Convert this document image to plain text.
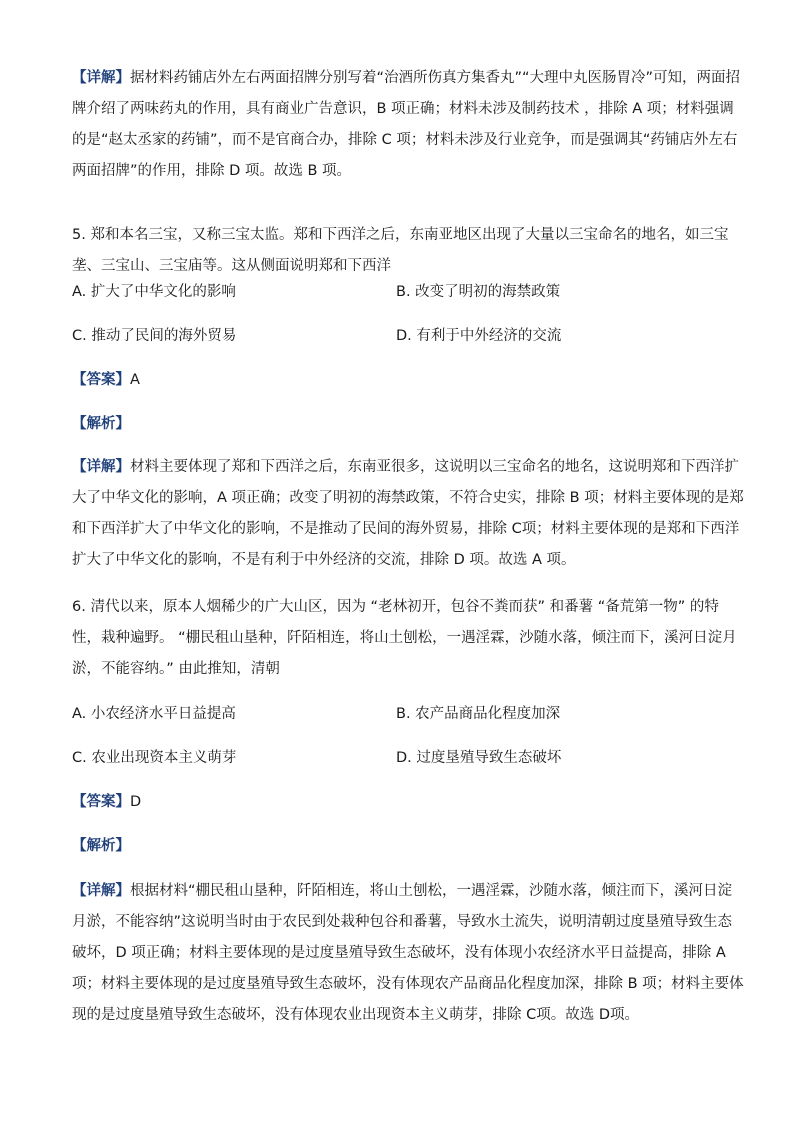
【详解】据材料药铺店外左右两面招牌分别写着“治酒所伤真方集香丸”“大理中丸医肠胃冷”可知，两面招
牌介绍了两味药丸的作用，具有商业广告意识，B 项正确；材料未涉及制药技术 ，排除 A 项；材料强调
的是“赵太丞家的药铺”，而不是官商合办，排除 C 项；材料未涉及行业竞争，而是强调其“药铺店外左右
两面招牌”的作用，排除 D 项。故选 B 项。
5. 郑和本名三宝，又称三宝太监。郑和下西洋之后，东南亚地区出现了大量以三宝命名的地名，如三宝
垄、三宝山、三宝庙等。这从侧面说明郑和下西洋
A. 扩大了中华文化的影响	B. 改变了明初的海禁政策
C. 推动了民间的海外贸易	D. 有利于中外经济的交流
【答案】A
【解析】
【详解】材料主要体现了郑和下西洋之后，东南亚很多，这说明以三宝命名的地名，这说明郑和下西洋扩
大了中华文化的影响，A 项正确；改变了明初的海禁政策，不符合史实，排除 B 项；材料主要体现的是郑
和下西洋扩大了中华文化的影响，不是推动了民间的海外贸易，排除 C项；材料主要体现的是郑和下西洋
扩大了中华文化的影响，不是有利于中外经济的交流，排除 D 项。故选 A 项。
6. 清代以来，原本人烟稀少的广大山区，因为 “老林初开，包谷不粪而获” 和番薯 “备荒第一物” 的特
性，栽种遍野。 “棚民租山垦种，阡陌相连，将山土刨松，一遇淫霖，沙随水落，倾注而下，溪河日淀月
淤，不能容纳。” 由此推知，清朝
A. 小农经济水平日益提高	B. 农产品商品化程度加深
C. 农业出现资本主义萌芽	D. 过度垦殖导致生态破坏
【答案】D
【解析】
【详解】根据材料“棚民租山垦种，阡陌相连，将山土刨松，一遇淫霖，沙随水落，倾注而下，溪河日淀
月淤，不能容纳”这说明当时由于农民到处栽种包谷和番薯，导致水土流失，说明清朝过度垦殖导致生态
破坏，D 项正确；材料主要体现的是过度垦殖导致生态破坏，没有体现小农经济水平日益提高，排除 A
项；材料主要体现的是过度垦殖导致生态破坏，没有体现农产品商品化程度加深，排除 B 项；材料主要体
现的是过度垦殖导致生态破坏，没有体现农业出现资本主义萌芽，排除 C项。故选 D项。
